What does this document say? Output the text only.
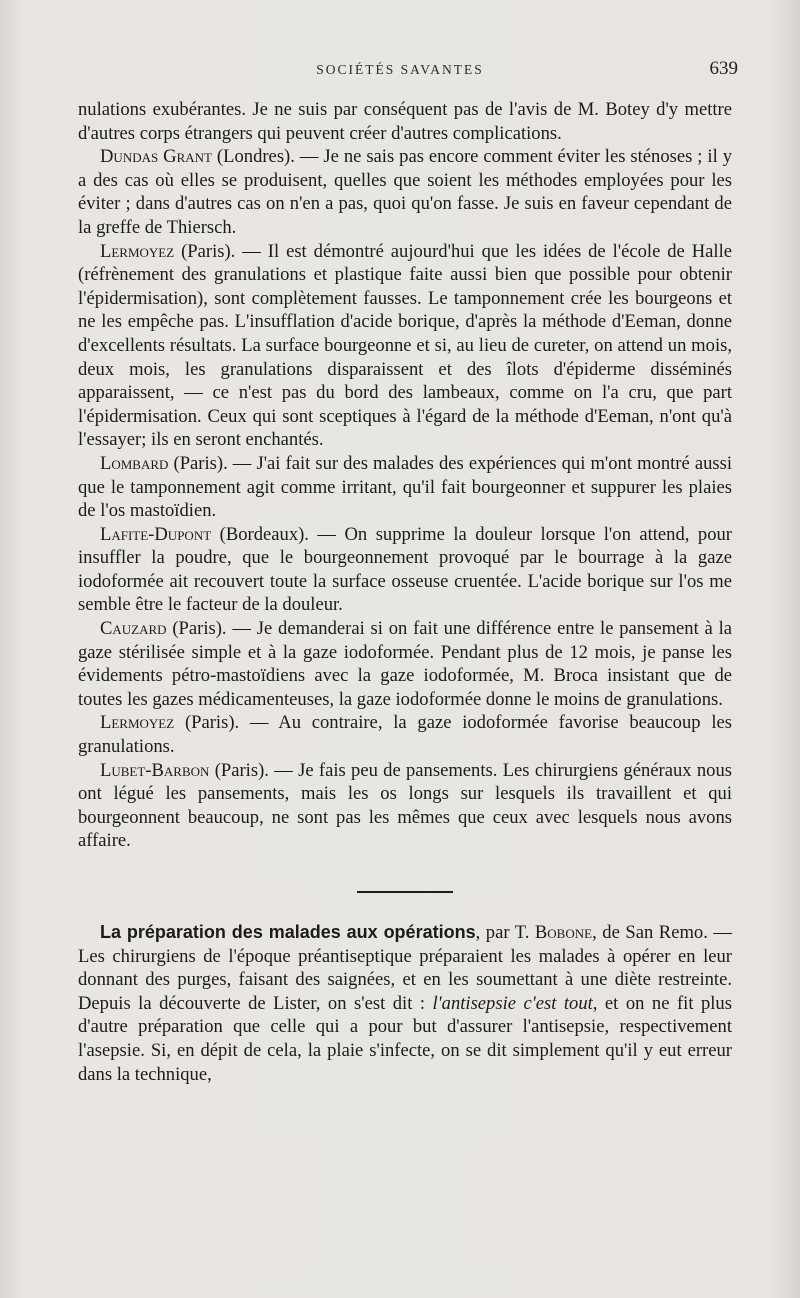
SOCIÉTÉS SAVANTES	639

nulations exubérantes. Je ne suis par conséquent pas de l'avis de M. Botey d'y mettre d'autres corps étrangers qui peuvent créer d'autres complications.

Dundas Grant (Londres). — Je ne sais pas encore comment éviter les sténoses ; il y a des cas où elles se produisent, quelles que soient les méthodes employées pour les éviter ; dans d'autres cas on n'en a pas, quoi qu'on fasse. Je suis en faveur cependant de la greffe de Thiersch.

Lermoyez (Paris). — Il est démontré aujourd'hui que les idées de l'école de Halle (réfrènement des granulations et plastique faite aussi bien que possible pour obtenir l'épidermisation), sont complètement fausses. Le tamponnement crée les bourgeons et ne les empêche pas. L'insufflation d'acide borique, d'après la méthode d'Eeman, donne d'excellents résultats. La surface bourgeonne et si, au lieu de cureter, on attend un mois, deux mois, les granulations disparaissent et des îlots d'épiderme disséminés apparaissent, — ce n'est pas du bord des lambeaux, comme on l'a cru, que part l'épidermisation. Ceux qui sont sceptiques à l'égard de la méthode d'Eeman, n'ont qu'à l'essayer; ils en seront enchantés.

Lombard (Paris). — J'ai fait sur des malades des expériences qui m'ont montré aussi que le tamponnement agit comme irritant, qu'il fait bourgeonner et suppurer les plaies de l'os mastoïdien.

Lafite-Dupont (Bordeaux). — On supprime la douleur lorsque l'on attend, pour insuffler la poudre, que le bourgeonnement provoqué par le bourrage à la gaze iodoformée ait recouvert toute la surface osseuse cruentée. L'acide borique sur l'os me semble être le facteur de la douleur.

Cauzard (Paris). — Je demanderai si on fait une différence entre le pansement à la gaze stérilisée simple et à la gaze iodoformée. Pendant plus de 12 mois, je panse les évidements pétro-mastoïdiens avec la gaze iodoformée, M. Broca insistant que de toutes les gazes médicamenteuses, la gaze iodoformée donne le moins de granulations.

Lermoyez (Paris). — Au contraire, la gaze iodoformée favorise beaucoup les granulations.

Lubet-Barbon (Paris). — Je fais peu de pansements. Les chirurgiens généraux nous ont légué les pansements, mais les os longs sur lesquels ils travaillent et qui bourgeonnent beaucoup, ne sont pas les mêmes que ceux avec lesquels nous avons affaire.

La préparation des malades aux opérations, par T. Bobone, de San Remo. — Les chirurgiens de l'époque préantiseptique préparaient les malades à opérer en leur donnant des purges, faisant des saignées, et en les soumettant à une diète restreinte. Depuis la découverte de Lister, on s'est dit : l'antisepsie c'est tout, et on ne fit plus d'autre préparation que celle qui a pour but d'assurer l'antisepsie, respectivement l'asepsie. Si, en dépit de cela, la plaie s'infecte, on se dit simplement qu'il y eut erreur dans la technique,
